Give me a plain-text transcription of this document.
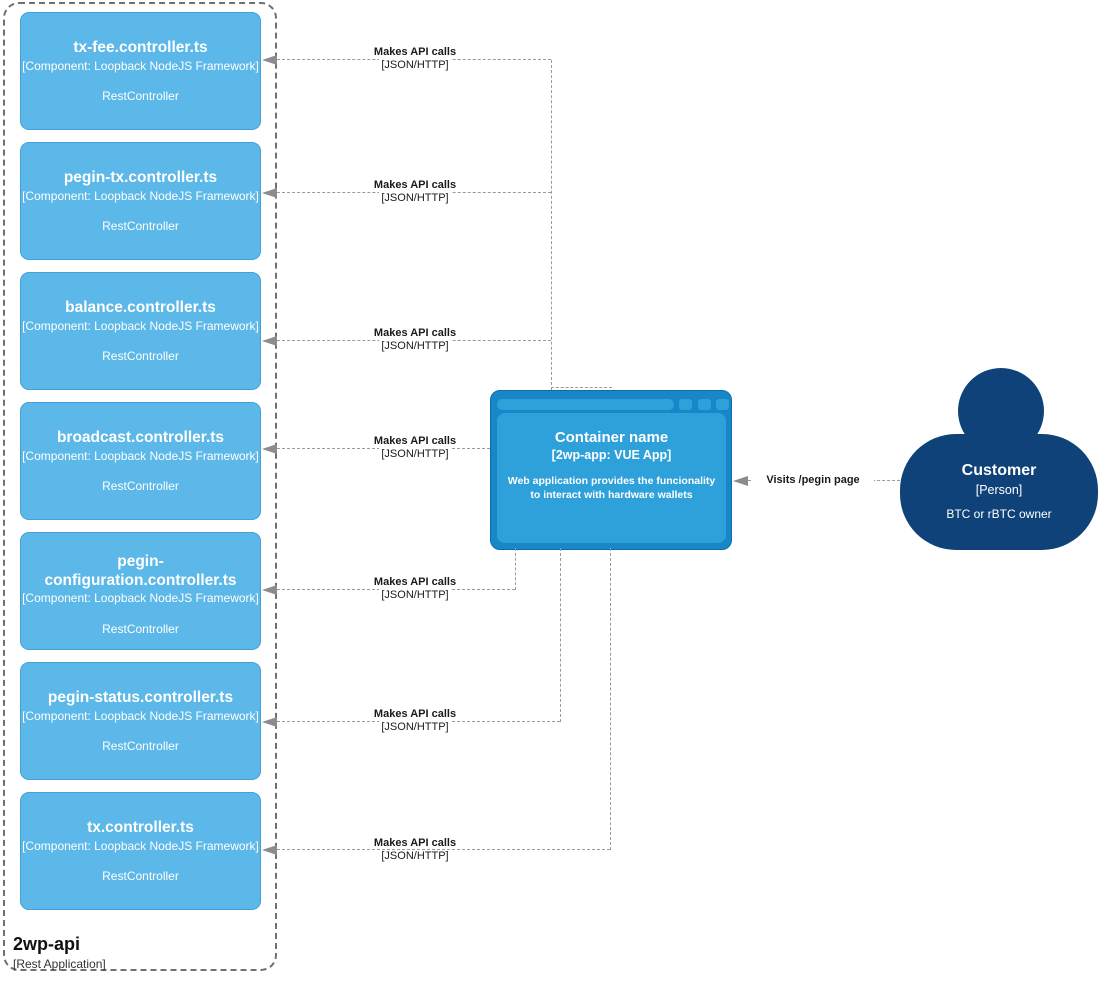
2wp-api
[Rest Application]
tx-fee.controller.ts
[Component: Loopback NodeJS Framework]
RestController
pegin-tx.controller.ts
[Component: Loopback NodeJS Framework]
RestController
balance.controller.ts
[Component: Loopback NodeJS Framework]
RestController
broadcast.controller.ts
[Component: Loopback NodeJS Framework]
RestController
pegin-configuration.controller.ts
[Component: Loopback NodeJS Framework]
RestController
pegin-status.controller.ts
[Component: Loopback NodeJS Framework]
RestController
tx.controller.ts
[Component: Loopback NodeJS Framework]
RestController
Container name
[2wp-app: VUE App]
Web application provides the funcionality to interact with hardware wallets
Customer
[Person]
BTC or rBTC owner
Makes API calls
[JSON/HTTP]
Makes API calls
[JSON/HTTP]
Makes API calls
[JSON/HTTP]
Makes API calls
[JSON/HTTP]
Makes API calls
[JSON/HTTP]
Makes API calls
[JSON/HTTP]
Makes API calls
[JSON/HTTP]
Visits /pegin page
